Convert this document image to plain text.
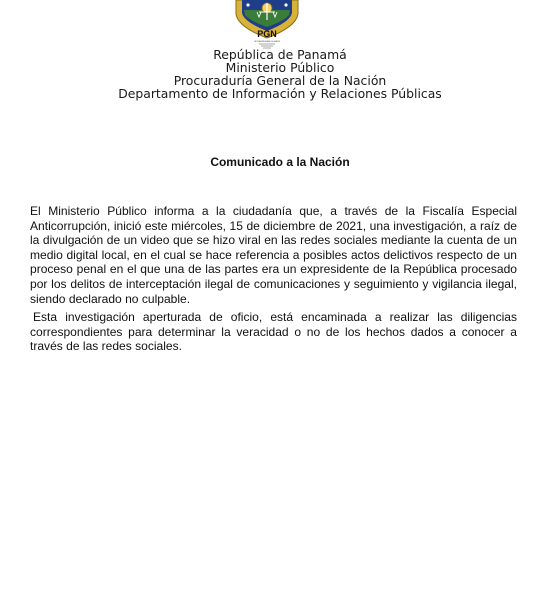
PGN
PROCURADURÍA GENERAL DE LA NACIÓN
República de Panamá
Ministerio Público
Procuraduría General de la Nación
Departamento de Información y Relaciones Públicas
Comunicado a la Nación

El Ministerio Público informa a la ciudadanía que, a través de la Fiscalía Especial Anticorrupción, inició este miércoles, 15 de diciembre de 2021, una investigación, a raíz de la divulgación de un video que se hizo viral en las redes sociales mediante la cuenta de un medio digital local, en el cual se hace referencia a posibles actos delictivos respecto de un proceso penal en el que una de las partes era un expresidente de la República procesado por los delitos de interceptación ilegal de comunicaciones y seguimiento y vigilancia ilegal, siendo declarado no culpable.

Esta investigación aperturada de oficio, está encaminada a realizar las diligencias correspondientes para determinar la veracidad o no de los hechos dados a conocer a través de las redes sociales.
